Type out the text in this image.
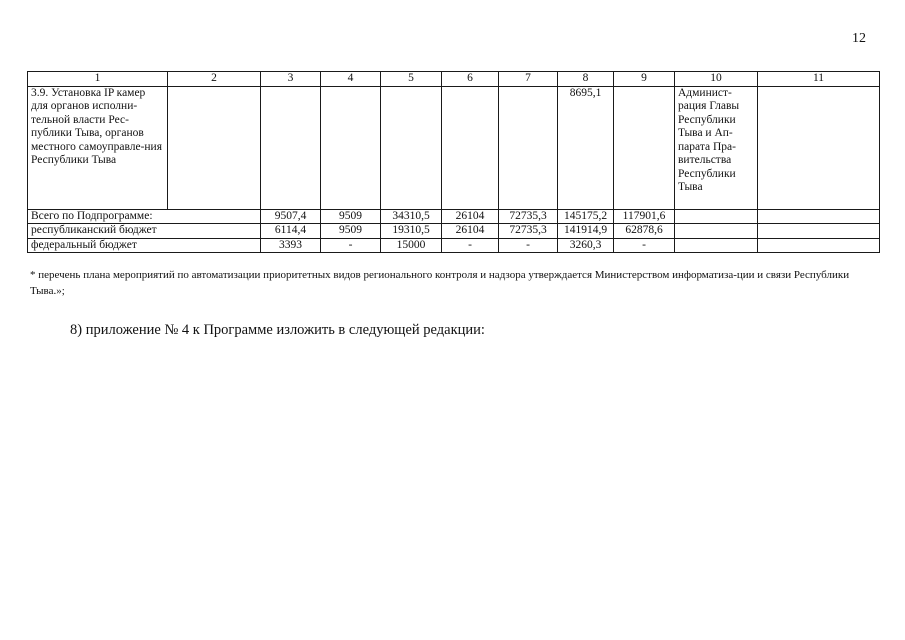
12
1	2	3	4	5	6	7	8	9	10	11
3.9. Установка IP камер для органов исполни-тельной власти Рес-публики Тыва, органов местного самоуправле-ния Республики Тыва							8695,1		Админист-рация Главы Республики Тыва и Ап-парата Пра-вительства Республики Тыва	
Всего по Подпрограмме:		9507,4	9509	34310,5	26104	72735,3	145175,2	117901,6		
республиканский бюджет		6114,4	9509	19310,5	26104	72735,3	141914,9	62878,6		
федеральный бюджет		3393	-	15000	-	-	3260,3	-		
* перечень плана мероприятий по автоматизации приоритетных видов регионального контроля и надзора утверждается Министерством информатиза-ции и связи Республики Тыва.»;
8) приложение № 4 к Программе изложить в следующей редакции:
